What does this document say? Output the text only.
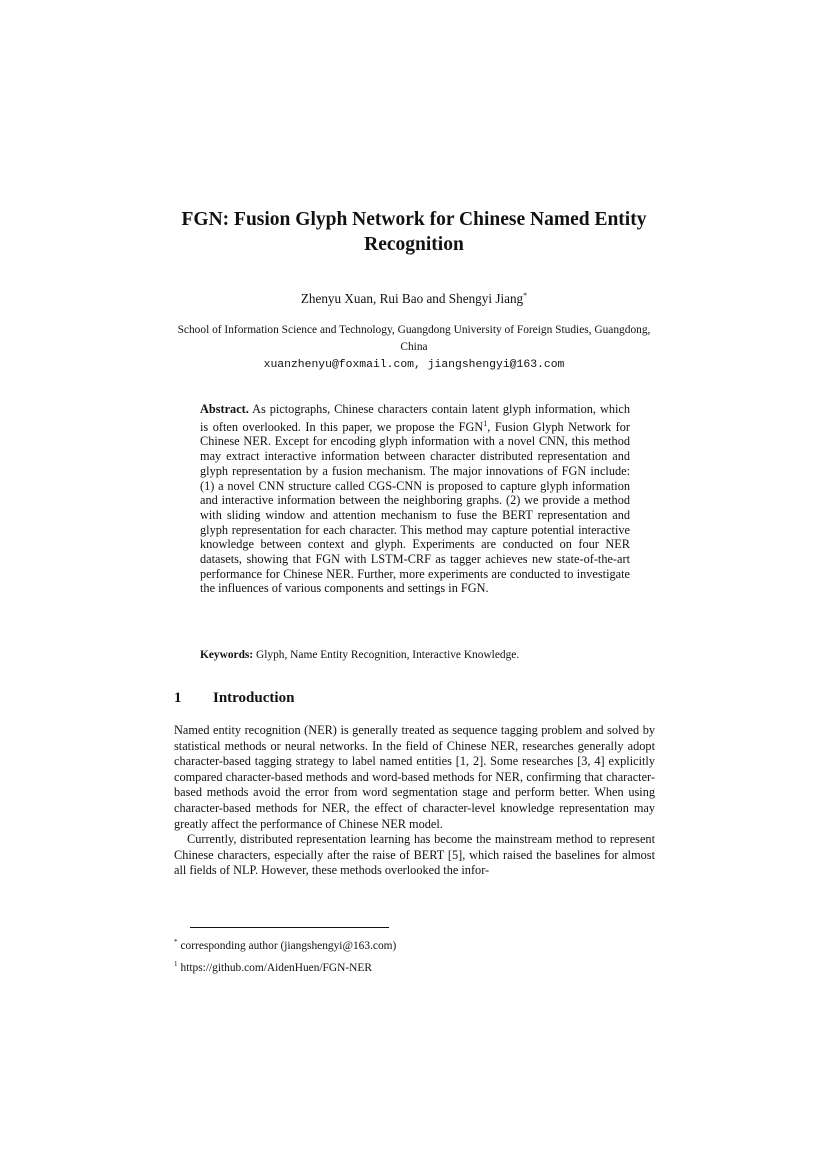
FGN: Fusion Glyph Network for Chinese Named Entity Recognition
Zhenyu Xuan, Rui Bao and Shengyi Jiang*
School of Information Science and Technology, Guangdong University of Foreign Studies, Guangdong, China
xuanzhenyu@foxmail.com, jiangshengyi@163.com
Abstract. As pictographs, Chinese characters contain latent glyph information, which is often overlooked. In this paper, we propose the FGN$^1$, Fusion Glyph Network for Chinese NER. Except for encoding glyph information with a novel CNN, this method may extract interactive information between character distributed representation and glyph representation by a fusion mechanism. The major innovations of FGN include: (1) a novel CNN structure called CGS-CNN is proposed to capture glyph information and interactive information between the neighboring graphs. (2) we provide a method with sliding window and attention mechanism to fuse the BERT representation and glyph representation for each character. This method may capture potential interactive knowledge between context and glyph. Experiments are conducted on four NER datasets, showing that FGN with LSTM-CRF as tagger achieves new state-of-the-art performance for Chinese NER. Further, more experiments are conducted to investigate the influences of various components and settings in FGN.
Keywords: Glyph, Name Entity Recognition, Interactive Knowledge.
1 Introduction

Named entity recognition (NER) is generally treated as sequence tagging problem and solved by statistical methods or neural networks. In the field of Chinese NER, researches generally adopt character-based tagging strategy to label named entities [1, 2]. Some researches [3, 4] explicitly compared character-based methods and word-based methods for NER, confirming that character-based methods avoid the error from word segmentation stage and perform better. When using character-based methods for NER, the effect of character-level knowledge representation may greatly affect the performance of Chinese NER model.

Currently, distributed representation learning has become the mainstream method to represent Chinese characters, especially after the raise of BERT [5], which raised the baselines for almost all fields of NLP. However, these methods overlooked the infor-

* corresponding author (jiangshengyi@163.com)
$^1$ https://github.com/AidenHuen/FGN-NER
